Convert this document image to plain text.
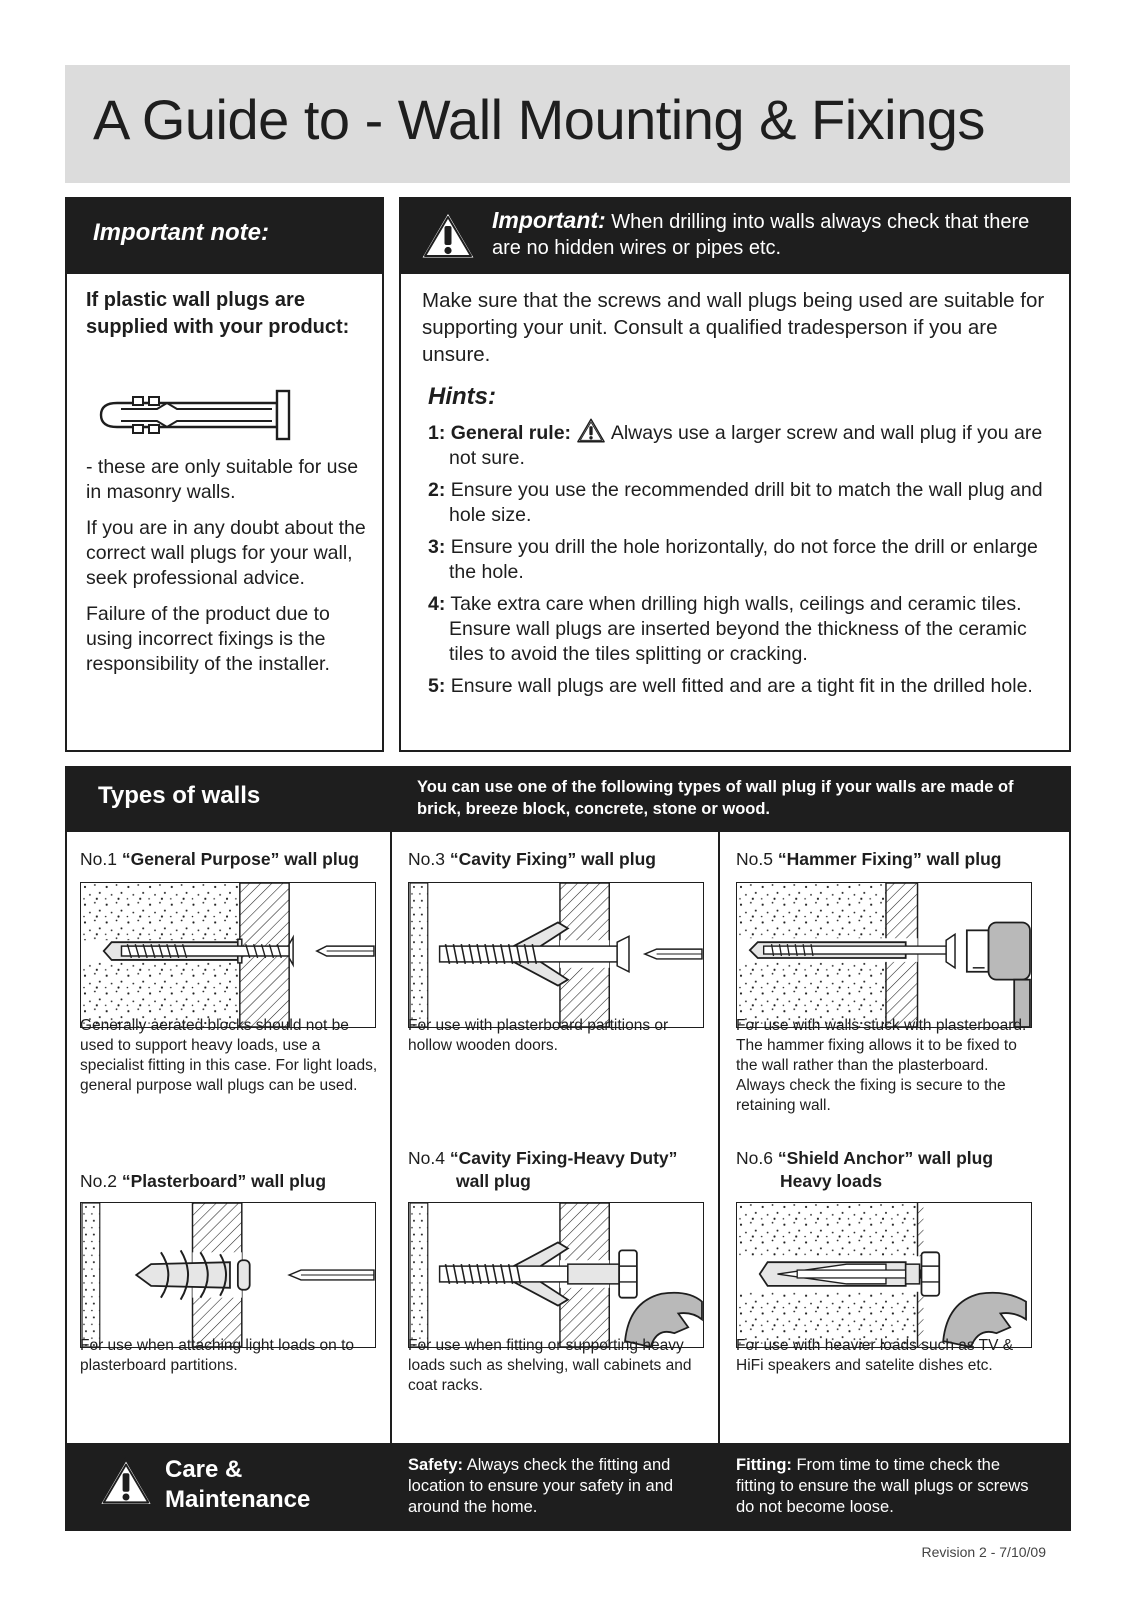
A Guide to - Wall Mounting & Fixings
Important note:
If plastic wall plugs are supplied with your product:

- these are only suitable for use in masonry walls.

If you are in any doubt about the correct wall plugs for your wall, seek professional advice.

Failure of the product due to using incorrect fixings is the responsibility of the installer.

Important: When drilling into walls always check that there are no hidden wires or pipes etc.
Make sure that the screws and wall plugs being used are suitable for supporting your unit. Consult a qualified tradesperson if you are unsure.
Hints:
1: General rule:  Always use a larger screw and wall plug if you are not sure.
2: Ensure you use the recommended drill bit to match the wall plug and hole size.
3: Ensure you drill the hole horizontally, do not force the drill or enlarge the hole.
4: Take extra care when drilling high walls, ceilings and ceramic tiles. Ensure wall plugs are inserted beyond the thickness of the ceramic tiles to avoid the tiles splitting or cracking.
5: Ensure wall plugs are well fitted and are a tight fit in the drilled hole.
Types of walls	You can use one of the following types of wall plug if your walls are made of brick, breeze block, concrete, stone or wood.
No.1 “General Purpose” wall plug
Generally aerated blocks should not be used to support heavy loads, use a specialist fitting in this case. For light loads, general purpose wall plugs can be used.
No.2 “Plasterboard” wall plug
For use when attaching light loads on to plasterboard partitions.
No.3 “Cavity Fixing” wall plug
For use with plasterboard partitions or hollow wooden doors.
No.4 “Cavity Fixing-Heavy Duty”
wall plug
For use when fitting or supporting heavy loads such as shelving, wall cabinets and coat racks.
No.5 “Hammer Fixing” wall plug
For use with walls stuck with plasterboard. The hammer fixing allows it to be fixed to the wall rather than the plasterboard. Always check the fixing is secure to the retaining wall.
No.6 “Shield Anchor” wall plug
Heavy loads
For use with heavier loads such as TV & HiFi speakers and satelite dishes etc.
Care & Maintenance
Safety: Always check the fitting and location to ensure your safety in and around the home.
Fitting: From time to time check the fitting to ensure the wall plugs or screws do not become loose.
Revision 2 - 7/10/09
